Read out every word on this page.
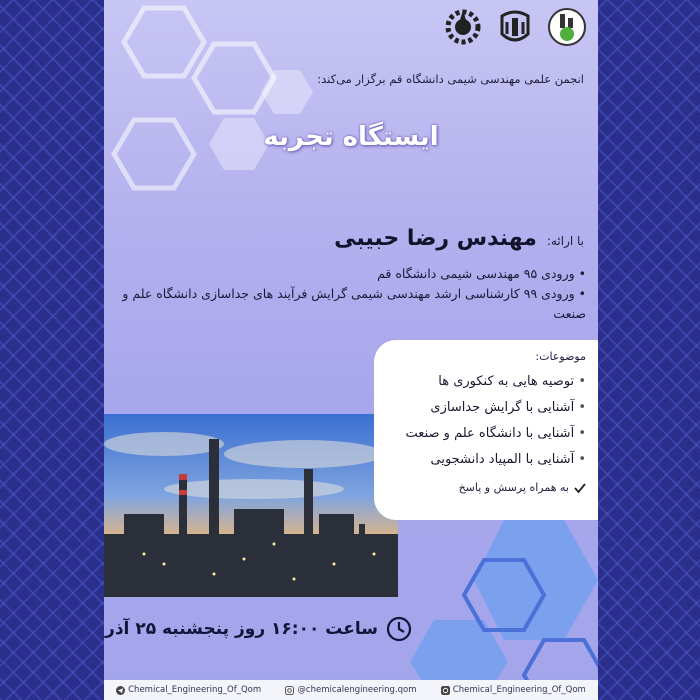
انجمن علمی مهندسی شیمی دانشگاه قم برگزار می‌کند:
ایستگاه تجربه
با ارائه:
مهندس رضا حبیبی
• ورودی ۹۵ مهندسی شیمی دانشگاه قم
• ورودی ۹۹ کارشناسی ارشد مهندسی شیمی گرایش فرآیند های جداسازی دانشگاه علم و صنعت
موضوعات:
• توصیه هایی به کنکوری ها
• آشنایی با گرایش جداسازی
• آشنایی با دانشگاه علم و صنعت
• آشنایی با المپیاد دانشجویی
به همراه پرسش و پاسخ
ساعت ۱۶:۰۰ روز پنجشنبه ۲۵ آذر
Chemical_Engineering_Of_Qom	@chemicalengineering.qom	Chemical_Engineering_Of_Qom
